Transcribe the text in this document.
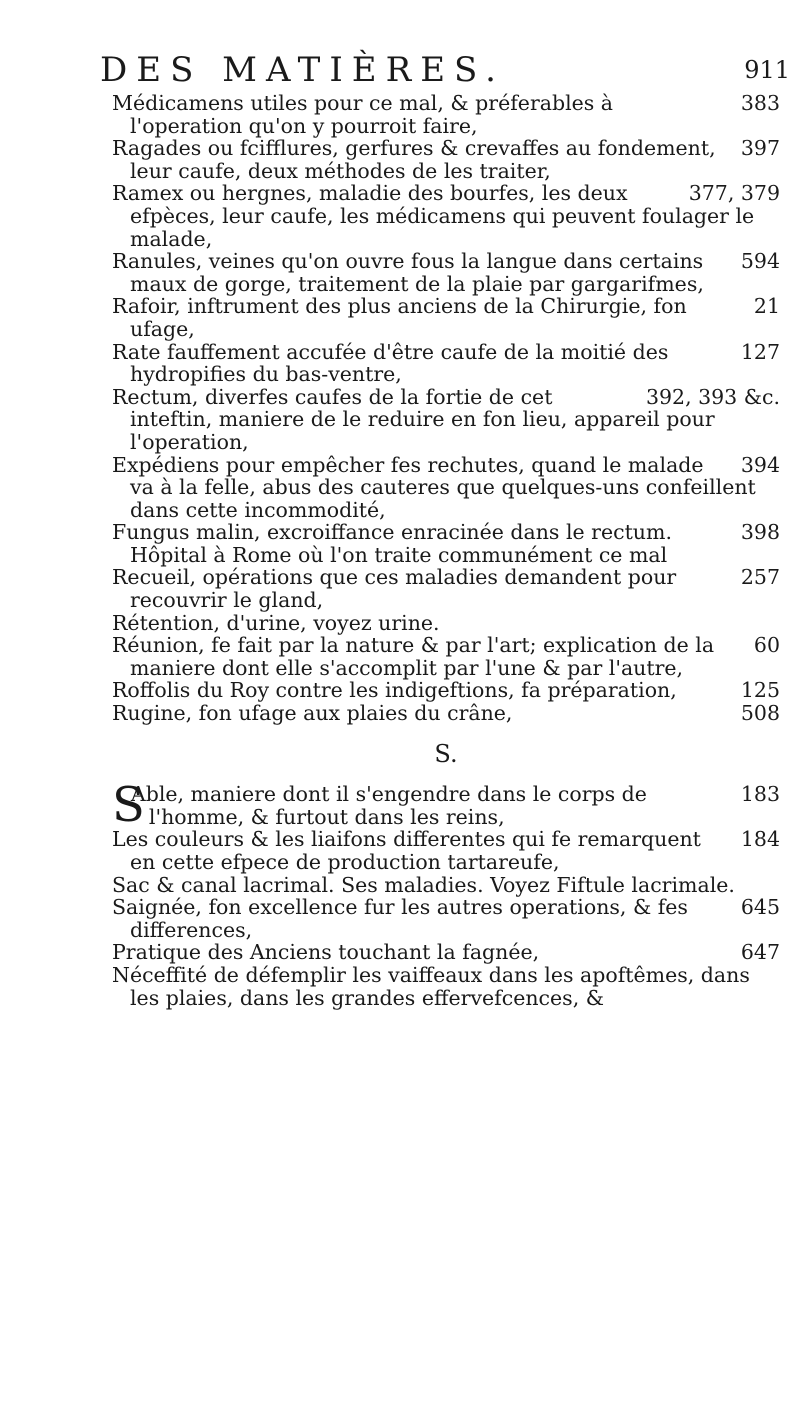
DES MATIÈRES.	911

383
Médicamens utiles pour ce mal, & préferables à l'operation qu'on y pourroit faire,

397
Ragades ou fcifflures, gerfures & crevaffes au fondement, leur caufe, deux méthodes de les traiter,

377, 379
Ramex ou hergnes, maladie des bourfes, les deux efpèces, leur caufe, les médicamens qui peuvent foulager le malade,

594
Ranules, veines qu'on ouvre fous la langue dans certains maux de gorge, traitement de la plaie par gargarifmes,

21
Rafoir, inftrument des plus anciens de la Chirurgie, fon ufage,

127
Rate fauffement accufée d'être caufe de la moitié des hydropifies du bas-ventre,

392, 393 &c.
Rectum, diverfes caufes de la fortie de cet inteftin, maniere de le reduire en fon lieu, appareil pour l'operation,

394
Expédiens pour empêcher fes rechutes, quand le malade va à la felle, abus des cauteres que quelques-uns confeillent dans cette incommodité,

398
Fungus malin, excroiffance enracinée dans le rectum. Hôpital à Rome où l'on traite communément ce mal

257
Recueil, opérations que ces maladies demandent pour recouvrir le gland,

Rétention, d'urine, voyez urine.

60
Réunion, fe fait par la nature & par l'art; explication de la maniere dont elle s'accomplit par l'une & par l'autre,

125
Roffolis du Roy contre les indigeftions, fa préparation,

508
Rugine, fon ufage aux plaies du crâne,

S.

183
S
Able, maniere dont il s'engendre dans le corps de l'homme, & furtout dans les reins,

184
Les couleurs & les liaifons differentes qui fe remarquent en cette efpece de production tartareufe,

Sac & canal lacrimal. Ses maladies. Voyez Fiftule lacrimale.

645
Saignée, fon excellence fur les autres operations, & fes differences,

647
Pratique des Anciens touchant la fagnée,

Néceffité de défemplir les vaiffeaux dans les apoftêmes, dans les plaies, dans les grandes effervefcences, &
